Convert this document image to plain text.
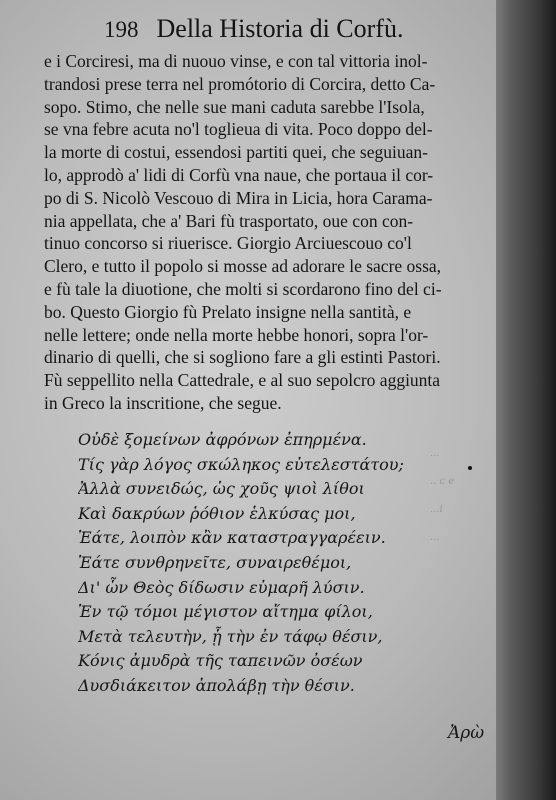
...
.. c e
...i
...
198 Della Historia di Corfù.
e i Corciresi, ma di nuouo vinse, e con tal vittoria inol-
trandosi prese terra nel promótorio di Corcira, detto Ca-
sopo. Stimo, che nelle sue mani caduta sarebbe l'Isola,
se vna febre acuta no'l toglieua di vita. Poco doppo del-
la morte di costui, essendosi partiti quei, che seguiuan-
lo, approdò a' lidi di Corfù vna naue, che portaua il cor-
po di S. Nicolò Vescouo di Mira in Licia, hora Carama-
nia appellata, che a' Bari fù trasportato, oue con con-
tinuo concorso si riuerisce. Giorgio Arciuescouo co'l
Clero, e tutto il popolo si mosse ad adorare le sacre ossa,
e fù tale la diuotione, che molti si scordarono fino del ci-
bo. Questo Giorgio fù Prelato insigne nella santità, e
nelle lettere; onde nella morte hebbe honori, sopra l'or-
dinario di quelli, che si sogliono fare a gli estinti Pastori.
Fù seppellito nella Cattedrale, e al suo sepolcro aggiunta
in Greco la inscritione, che segue.
Οὐδὲ ξομείνων ἀφρόνων ἐπηρμένα.
Τίς γὰρ λόγος σκώληκος εὐτελεστάτου;
Ἀλλὰ συνειδώς, ὡς χοῦς ψιοὶ λίθοι
Καὶ δακρύων ῥόθιον ἑλκύσας μοι,
Ἐάτε, λοιπὸν κἂν καταστραγγαρέειν.
Ἐάτε συνθρηνεῖτε, συναιρεθέμοι,
Δι' ὧν Θεὸς δίδωσιν εὐμαρῆ λύσιν.
Ἐν τῷ τόμοι μέγιστον αἴτημα φίλοι,
Μετὰ τελευτὴν, ᾗ τὴν ἐν τάφῳ θέσιν,
Κόνις ἀμυδρὰ τῆς ταπεινῶν ὀσέων
Δυσδιάκειτον ἀπολάβῃ τὴν θέσιν.
Ἀρὼ
